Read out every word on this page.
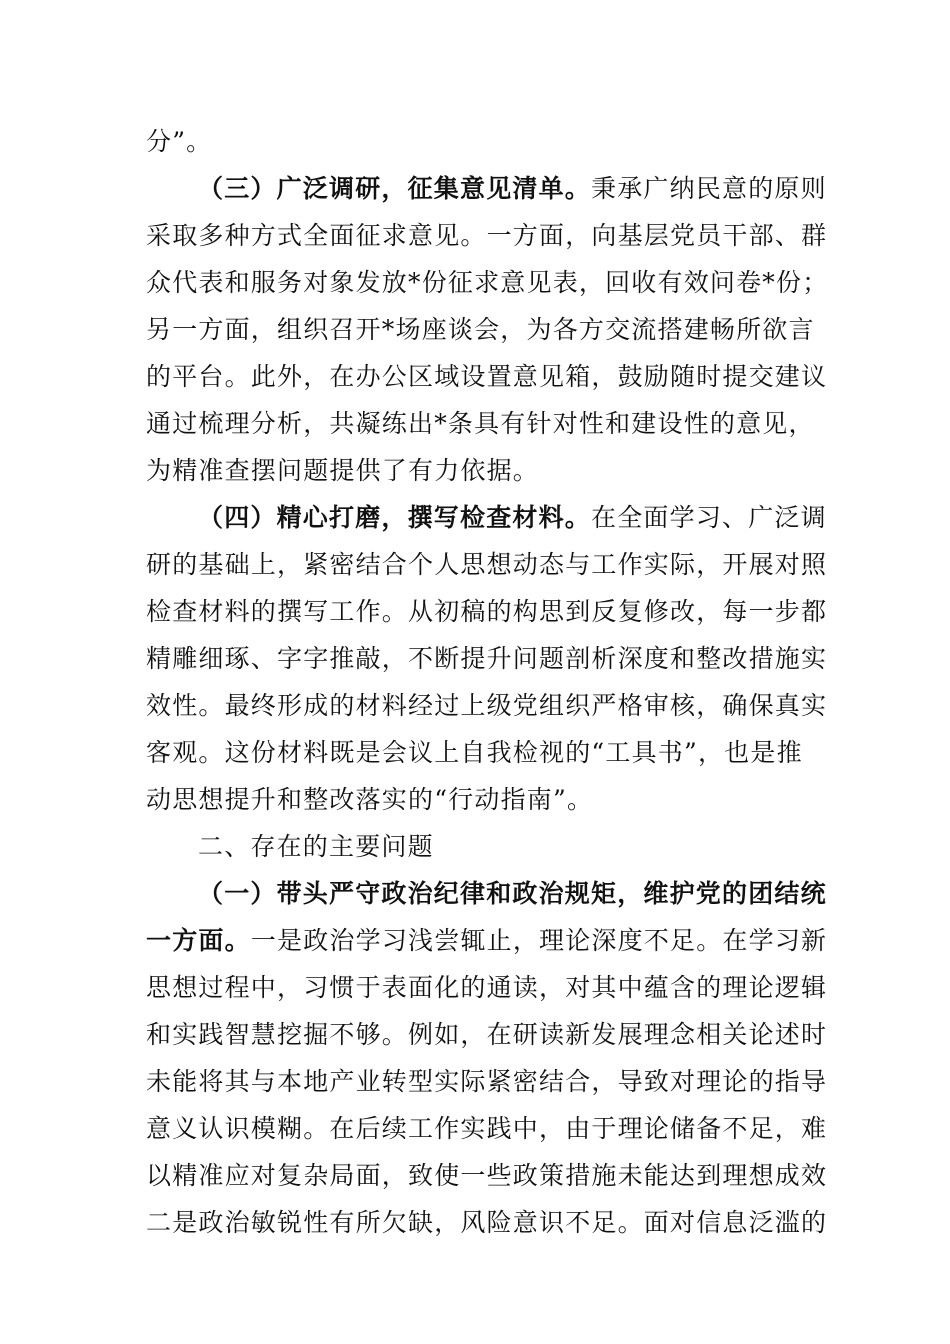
分”。
（三）广泛调研，征集意见清单。秉承广纳民意的原则
采取多种方式全面征求意见。一方面，向基层党员干部、群
众代表和服务对象发放*份征求意见表，回收有效问卷*份；
另一方面，组织召开*场座谈会，为各方交流搭建畅所欲言
的平台。此外，在办公区域设置意见箱，鼓励随时提交建议
通过梳理分析，共凝练出*条具有针对性和建设性的意见，
为精准查摆问题提供了有力依据。
（四）精心打磨，撰写检查材料。在全面学习、广泛调
研的基础上，紧密结合个人思想动态与工作实际，开展对照
检查材料的撰写工作。从初稿的构思到反复修改，每一步都
精雕细琢、字字推敲，不断提升问题剖析深度和整改措施实
效性。最终形成的材料经过上级党组织严格审核，确保真实
客观。这份材料既是会议上自我检视的“工具书”，也是推
动思想提升和整改落实的“行动指南”。
二、存在的主要问题
（一）带头严守政治纪律和政治规矩，维护党的团结统
一方面。一是政治学习浅尝辄止，理论深度不足。在学习新
思想过程中，习惯于表面化的通读，对其中蕴含的理论逻辑
和实践智慧挖掘不够。例如，在研读新发展理念相关论述时
未能将其与本地产业转型实际紧密结合，导致对理论的指导
意义认识模糊。在后续工作实践中，由于理论储备不足，难
以精准应对复杂局面，致使一些政策措施未能达到理想成效
二是政治敏锐性有所欠缺，风险意识不足。面对信息泛滥的
